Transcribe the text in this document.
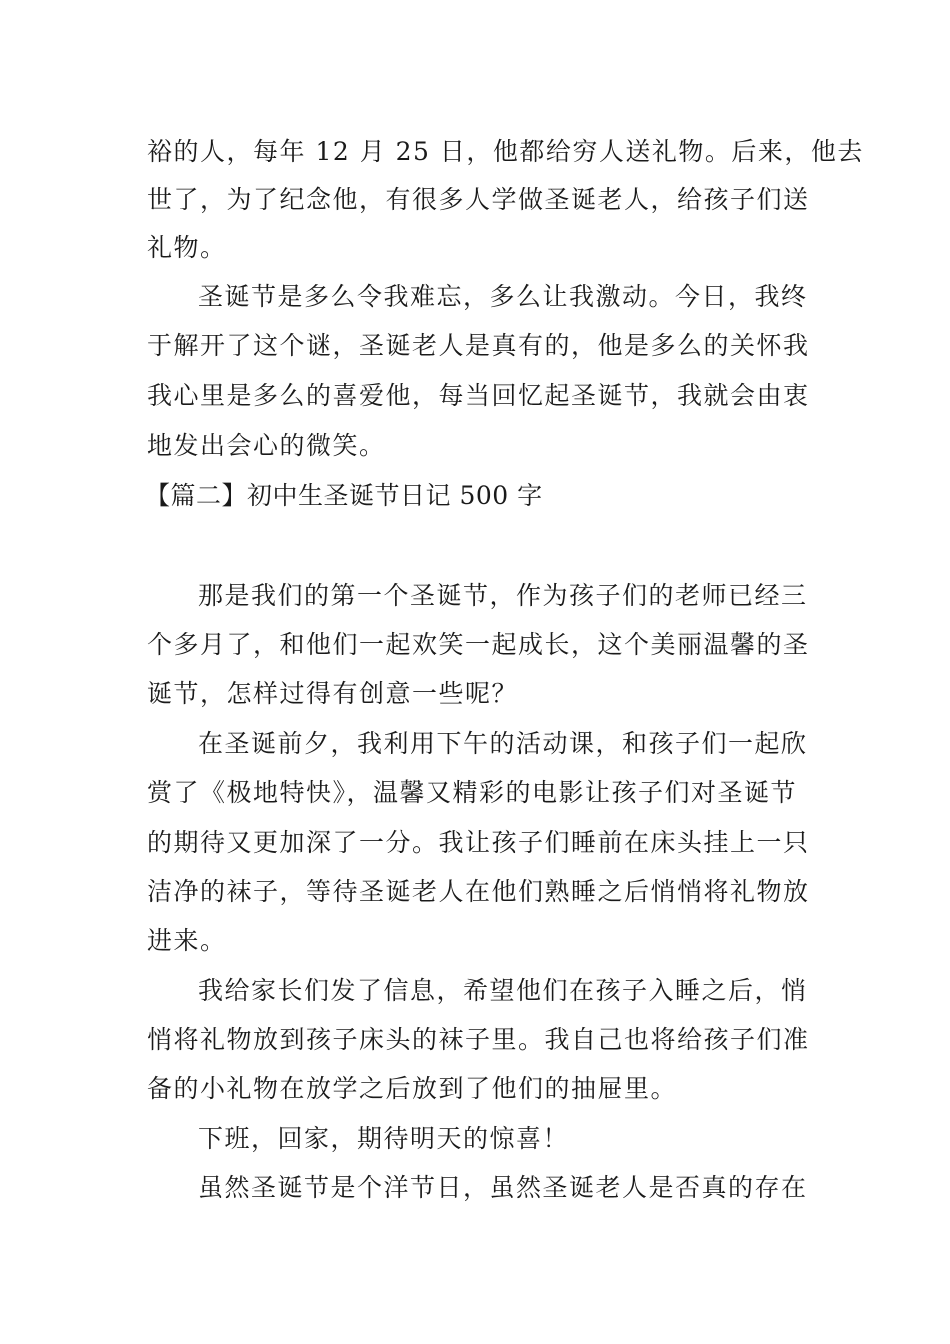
裕的人，每年 12 月 25 日，他都给穷人送礼物。后来，他去
世了，为了纪念他，有很多人学做圣诞老人，给孩子们送
礼物。
圣诞节是多么令我难忘，多么让我激动。今日，我终
于解开了这个谜，圣诞老人是真有的，他是多么的关怀我
我心里是多么的喜爱他，每当回忆起圣诞节，我就会由衷
地发出会心的微笑。
【篇二】初中生圣诞节日记 500 字
那是我们的第一个圣诞节，作为孩子们的老师已经三
个多月了，和他们一起欢笑一起成长，这个美丽温馨的圣
诞节，怎样过得有创意一些呢？
在圣诞前夕，我利用下午的活动课，和孩子们一起欣
赏了《极地特快》，温馨又精彩的电影让孩子们对圣诞节
的期待又更加深了一分。我让孩子们睡前在床头挂上一只
洁净的袜子，等待圣诞老人在他们熟睡之后悄悄将礼物放
进来。
我给家长们发了信息，希望他们在孩子入睡之后，悄
悄将礼物放到孩子床头的袜子里。我自己也将给孩子们准
备的小礼物在放学之后放到了他们的抽屉里。
下班，回家，期待明天的惊喜！
虽然圣诞节是个洋节日，虽然圣诞老人是否真的存在
